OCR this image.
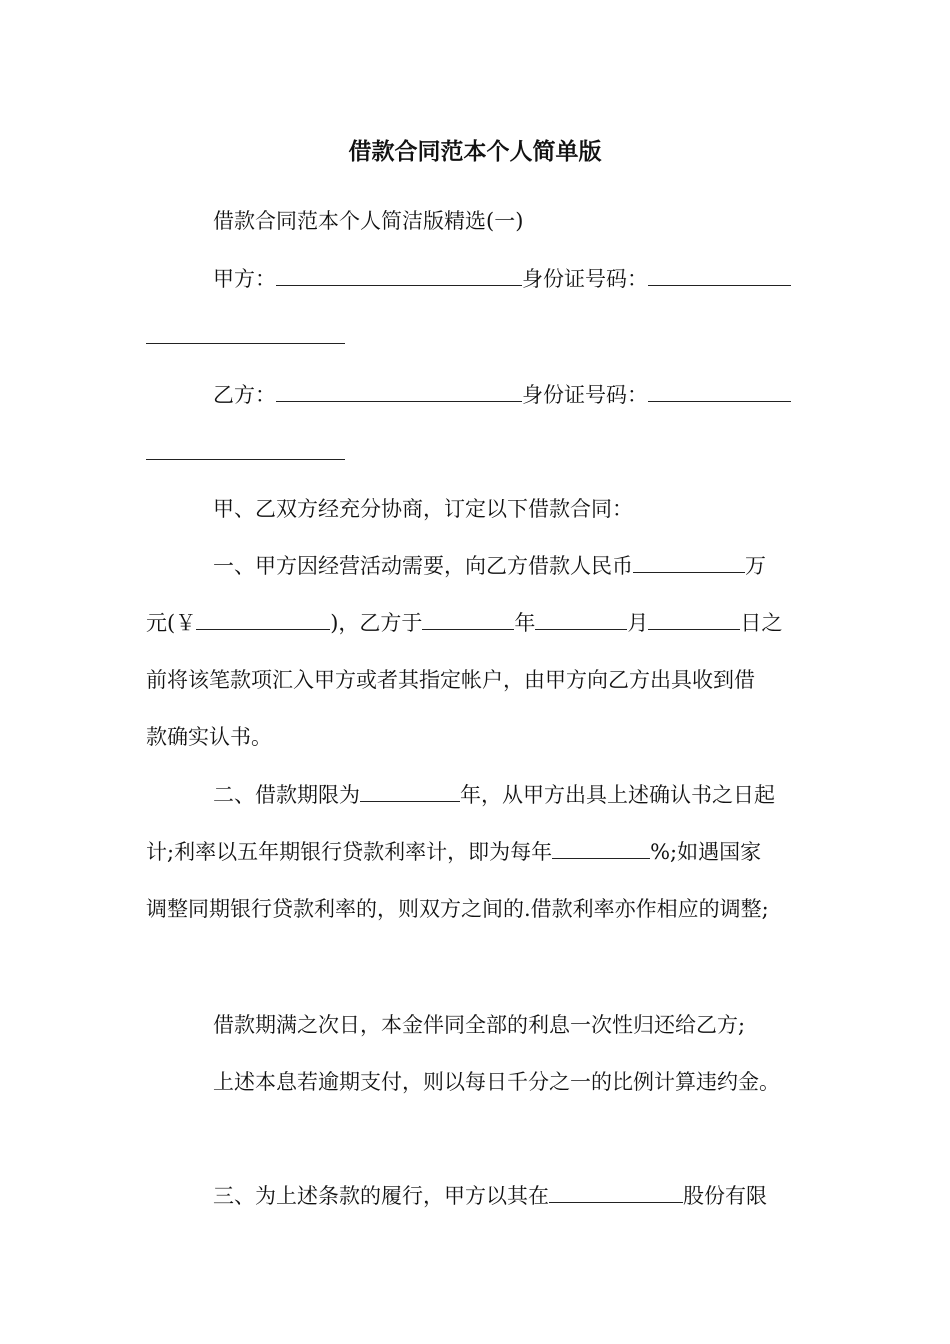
借款合同范本个人简单版
借款合同范本个人简洁版精选(一)
甲方：	身份证号码：
乙方：	身份证号码：
甲、乙双方经充分协商，订定以下借款合同：
一、甲方因经营活动需要，向乙方借款人民币	万
元(￥	)，乙方于	年	月	日之
前将该笔款项汇入甲方或者其指定帐户，由甲方向乙方出具收到借
款确实认书。
二、借款期限为	年，从甲方出具上述确认书之日起
计;利率以五年期银行贷款利率计，即为每年	%;如遇国家
调整同期银行贷款利率的，则双方之间的.借款利率亦作相应的调整;
借款期满之次日，本金伴同全部的利息一次性归还给乙方;
上述本息若逾期支付，则以每日千分之一的比例计算违约金。
三、为上述条款的履行，甲方以其在	股份有限
